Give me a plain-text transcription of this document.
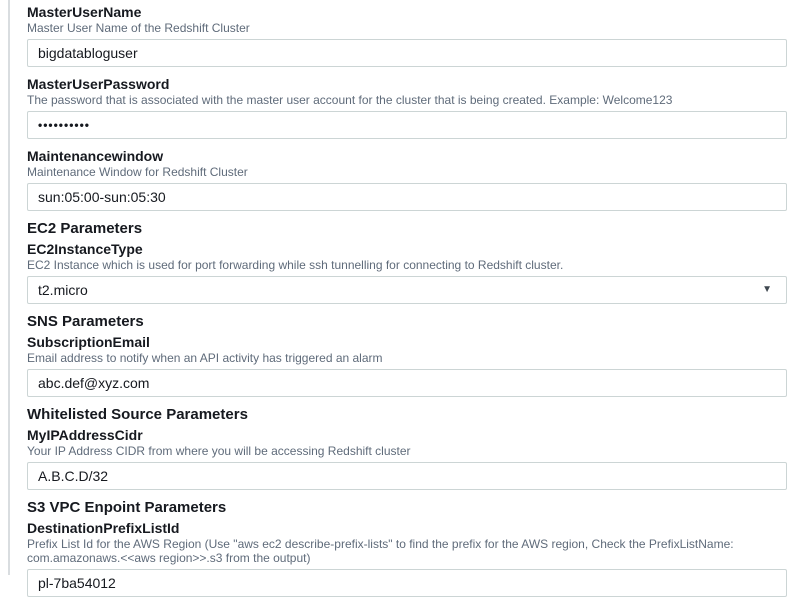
MasterUserName
Master User Name of the Redshift Cluster
bigdatabloguser
MasterUserPassword
The password that is associated with the master user account for the cluster that is being created. Example: Welcome123
••••••••••
Maintenancewindow
Maintenance Window for Redshift Cluster
sun:05:00-sun:05:30
EC2 Parameters
EC2InstanceType
EC2 Instance which is used for port forwarding while ssh tunnelling for connecting to Redshift cluster.
t2.micro	▼
SNS Parameters
SubscriptionEmail
Email address to notify when an API activity has triggered an alarm
abc.def@xyz.com
Whitelisted Source Parameters
MyIPAddressCidr
Your IP Address CIDR from where you will be accessing Redshift cluster
A.B.C.D/32
S3 VPC Enpoint Parameters
DestinationPrefixListId
Prefix List Id for the AWS Region (Use "aws ec2 describe-prefix-lists" to find the prefix for the AWS region, Check the PrefixListName: com.amazonaws.<<aws region>>.s3 from the output)
pl-7ba54012
